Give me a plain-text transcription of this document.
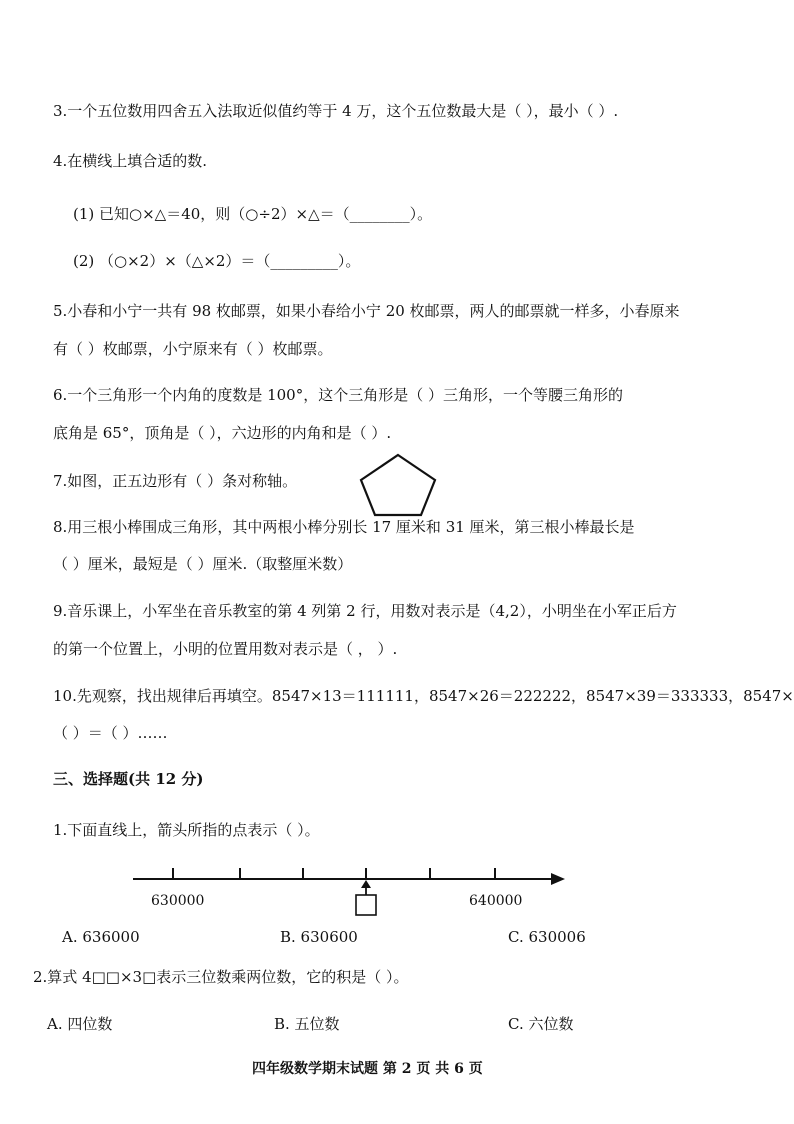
3.一个五位数用四舍五入法取近似值约等于 4 万，这个五位数最大是（ ），最小（ ）.
4.在横线上填合适的数.
(1) 已知○×△＝40，则（○÷2）×△＝（________）。
(2) （○×2）×（△×2）＝（_________）。
5.小春和小宁一共有 98 枚邮票，如果小春给小宁 20 枚邮票，两人的邮票就一样多，小春原来
有（ ）枚邮票，小宁原来有（ ）枚邮票。
6.一个三角形一个内角的度数是 100°，这个三角形是（ ）三角形，一个等腰三角形的
底角是 65°，顶角是（ ），六边形的内角和是（ ）.
7.如图，正五边形有（ ）条对称轴。
8.用三根小棒围成三角形，其中两根小棒分别长 17 厘米和 31 厘米，第三根小棒最长是
（ ）厘米，最短是（ ）厘米.（取整厘米数）
9.音乐课上，小军坐在音乐教室的第 4 列第 2 行，用数对表示是（4,2），小明坐在小军正后方
的第一个位置上，小明的位置用数对表示是（ ， ）.
10.先观察，找出规律后再填空。8547×13＝111111，8547×26＝222222，8547×39＝333333，8547×
（ ）＝（ ）……
三、选择题(共 12 分)
1.下面直线上，箭头所指的点表示（ ）。
630000	640000
A. 636000	B. 630600	C. 630006
2.算式 4□□×3□表示三位数乘两位数，它的积是（ ）。
A. 四位数	B. 五位数	C. 六位数
四年级数学期末试题 第 2 页 共 6 页
